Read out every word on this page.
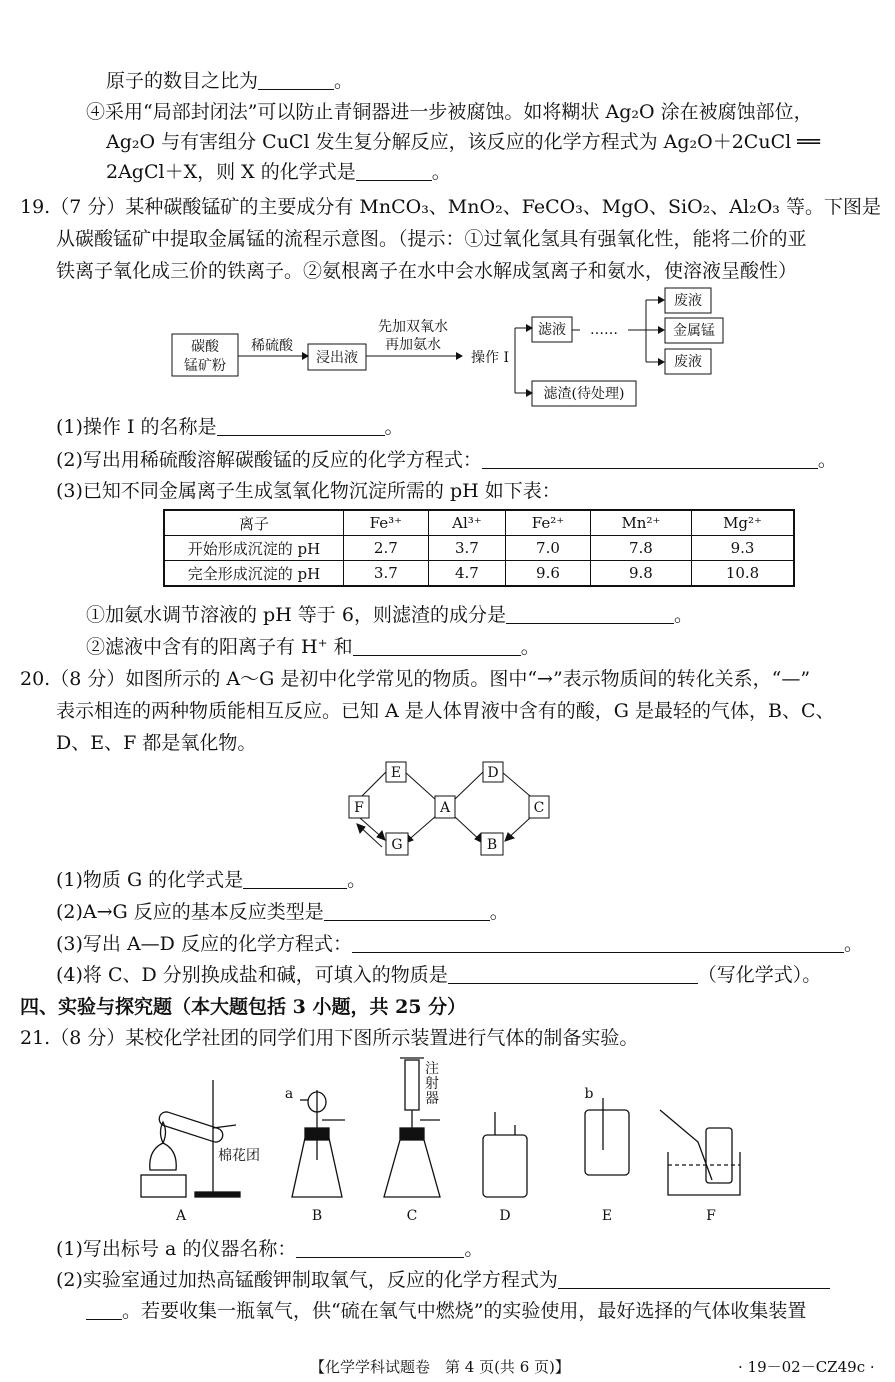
原子的数目之比为	。
④采用“局部封闭法”可以防止青铜器进一步被腐蚀。如将糊状 Ag₂O 涂在被腐蚀部位，
Ag₂O 与有害组分 CuCl 发生复分解反应，该反应的化学方程式为 Ag₂O＋2CuCl ══
2AgCl＋X，则 X 的化学式是	。
19.（7 分）某种碳酸锰矿的主要成分有 MnCO₃、MnO₂、FeCO₃、MgO、SiO₂、Al₂O₃ 等。下图是
从碳酸锰矿中提取金属锰的流程示意图。（提示：①过氧化氢具有强氧化性，能将二价的亚
铁离子氧化成三价的铁离子。②氨根离子在水中会水解成氢离子和氨水，使溶液呈酸性）
碳酸
锰矿粉
稀硫酸
浸出液
先加双氧水
再加氨水
操作 I
滤液 ……
废液
金属锰
废液
滤渣(待处理)
E	D
F	A	C
G	B
a	b
棉花团
注
射
器
A	B	C	D	E	F
(1)操作 I 的名称是	。
(2)写出用稀硫酸溶解碳酸锰的反应的化学方程式：	。
(3)已知不同金属离子生成氢氧化物沉淀所需的 pH 如下表：
离子	Fe³⁺	Al³⁺	Fe²⁺	Mn²⁺	Mg²⁺
开始形成沉淀的 pH	2.7	3.7	7.0	7.8	9.3
完全形成沉淀的 pH	3.7	4.7	9.6	9.8	10.8
①加氨水调节溶液的 pH 等于 6，则滤渣的成分是	。
②滤液中含有的阳离子有 H⁺ 和	。
20.（8 分）如图所示的 A～G 是初中化学常见的物质。图中“→”表示物质间的转化关系，“—”
表示相连的两种物质能相互反应。已知 A 是人体胃液中含有的酸，G 是最轻的气体，B、C、
D、E、F 都是氧化物。
(1)物质 G 的化学式是	。
(2)A→G 反应的基本反应类型是	。
(3)写出 A—D 反应的化学方程式：	。
(4)将 C、D 分别换成盐和碱，可填入的物质是	（写化学式）。
四、实验与探究题（本大题包括 3 小题，共 25 分）
21.（8 分）某校化学社团的同学们用下图所示装置进行气体的制备实验。
(1)写出标号 a 的仪器名称：	。
(2)实验室通过加热高锰酸钾制取氧气，反应的化学方程式为
。若要收集一瓶氧气，供“硫在氧气中燃烧”的实验使用，最好选择的气体收集装置
【化学学科试题卷　第 4 页(共 6 页)】	· 19－02－CZ49c ·
